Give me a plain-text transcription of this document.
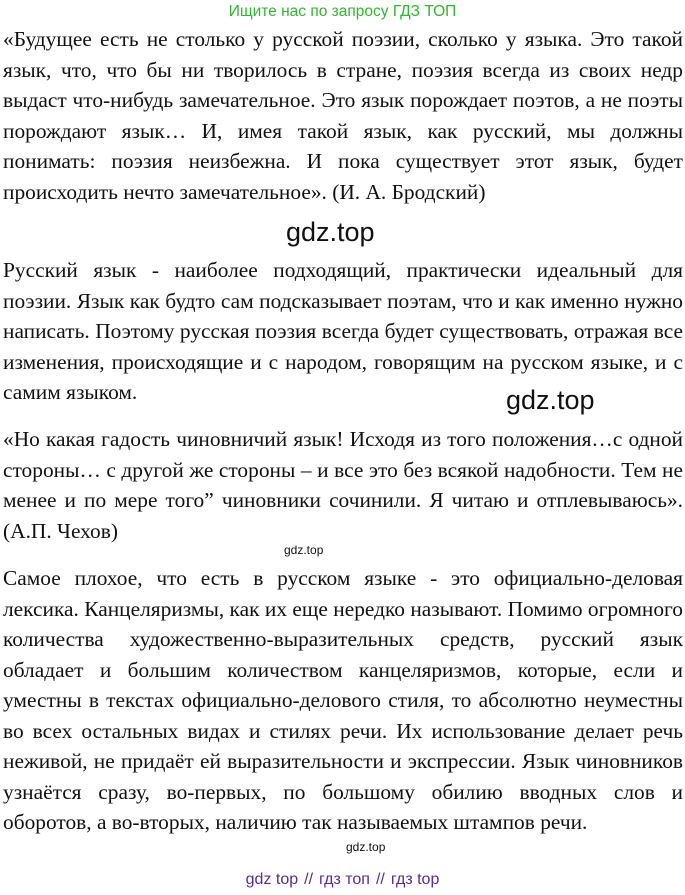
Ищите нас по запросу ГДЗ ТОП
«Будущее есть не столько у русской поэзии, сколько у языка. Это такой язык, что, что бы ни творилось в стране, поэзия всегда из своих недр выдаст что-нибудь замечательное. Это язык порождает поэтов, а не поэты порождают язык… И, имея такой язык, как русский, мы должны понимать: поэзия неизбежна. И пока существует этот язык, будет происходить нечто замечательное». (И. А. Бродский)
gdz.top
Русский язык - наиболее подходящий, практически идеальный для поэзии. Язык как будто сам подсказывает поэтам, что и как именно нужно написать. Поэтому русская поэзия всегда будет существовать, отражая все изменения, происходящие и с народом, говорящим на русском языке, и с самим языком.	gdz.top
«Но какая гадость чиновничий язык! Исходя из того положения…с одной стороны… с другой же стороны – и все это без всякой надобности. Тем не менее и по мере того” чиновники сочинили. Я читаю и отплевываюсь». (А.П. Чехов)
gdz.top
Самое плохое, что есть в русском языке - это официально-деловая лексика. Канцеляризмы, как их еще нередко называют. Помимо огромного количества художественно-выразительных средств, русский язык обладает и большим количеством канцеляризмов, которые, если и уместны в текстах официально-делового стиля, то абсолютно неуместны во всех остальных видах и стилях речи. Их использование делает речь неживой, не придаёт ей выразительности и экспрессии. Язык чиновников узнаётся сразу, во-первых, по большому обилию вводных слов и оборотов, а во-вторых, наличию так называемых штампов речи.
gdz.top
gdz top // гдз топ // гдз top
